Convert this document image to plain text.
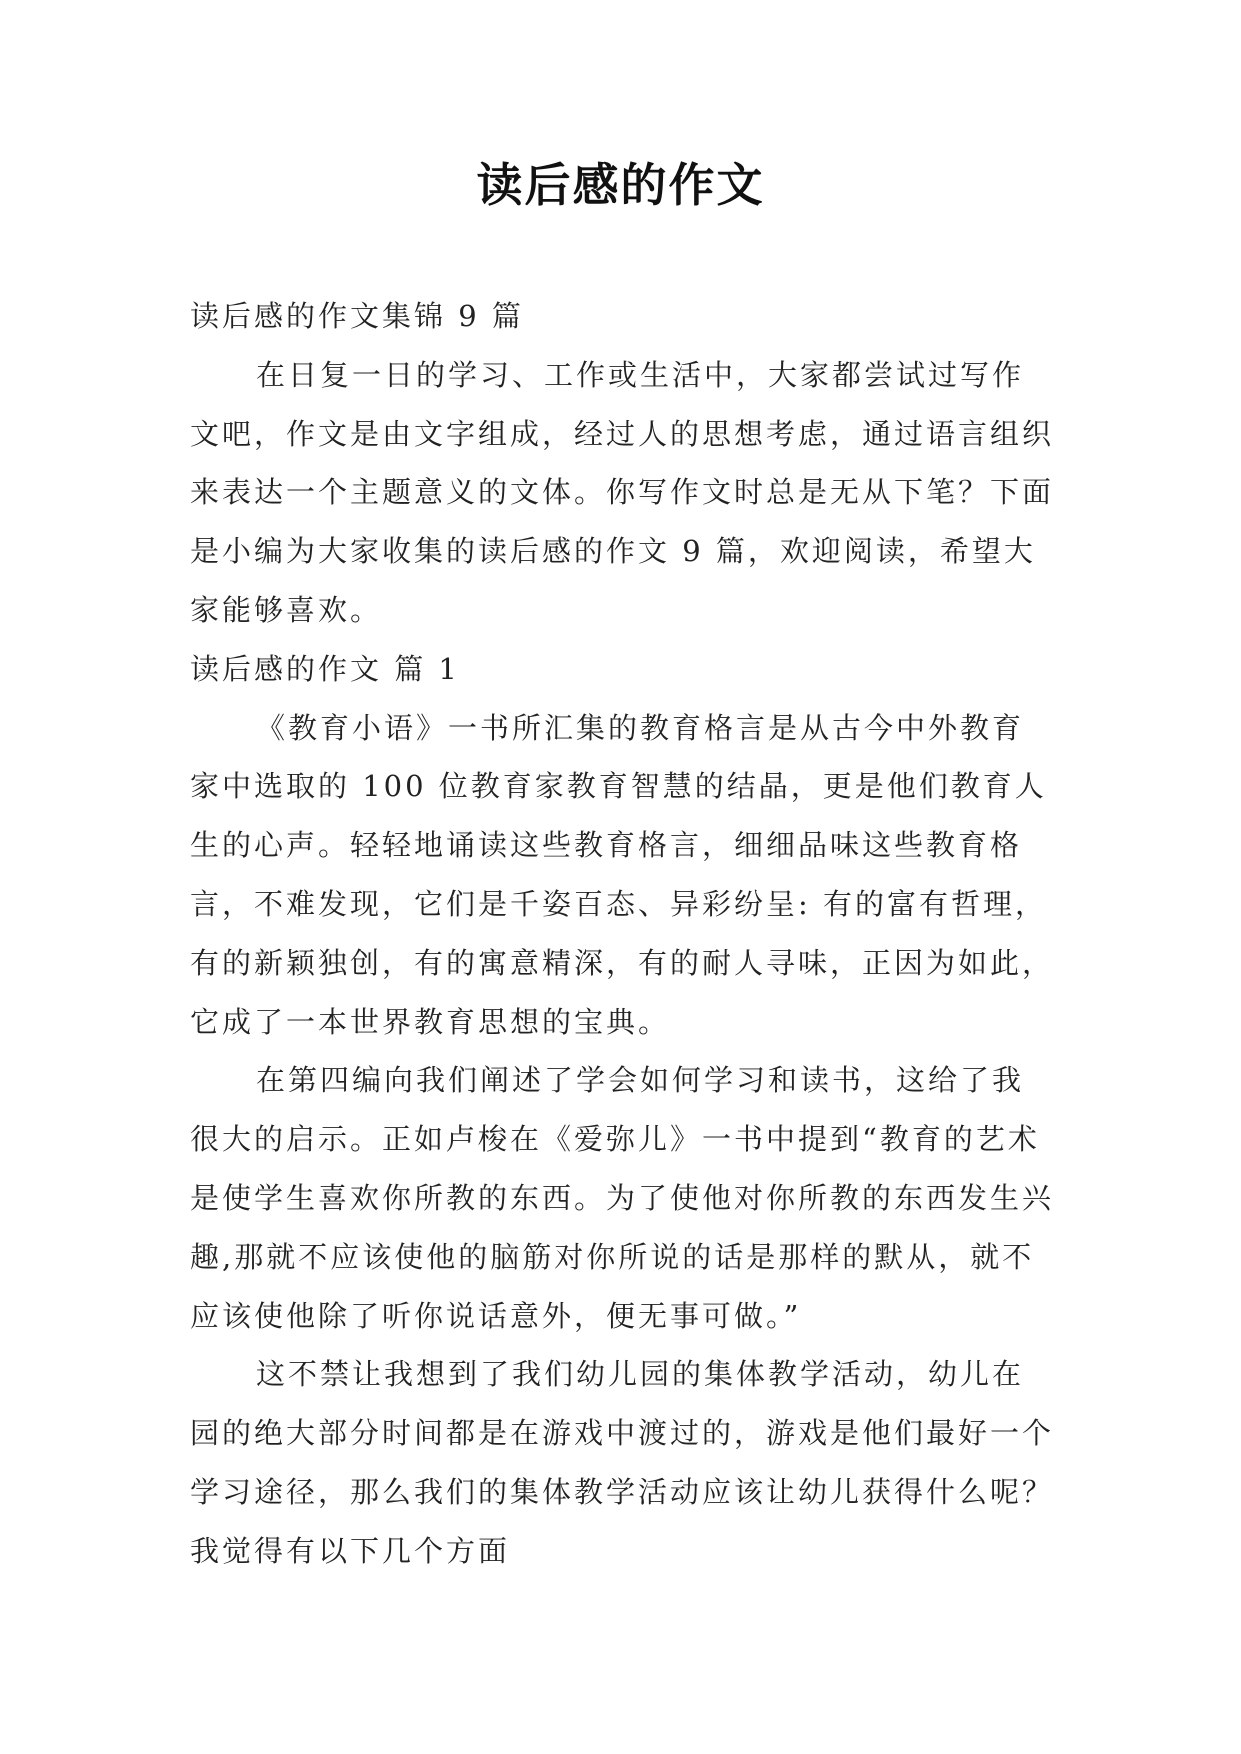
读后感的作文

读后感的作文集锦 9 篇

在日复一日的学习、工作或生活中，大家都尝试过写作文吧，作文是由文字组成，经过人的思想考虑，通过语言组织来表达一个主题意义的文体。你写作文时总是无从下笔？下面是小编为大家收集的读后感的作文 9 篇，欢迎阅读，希望大家能够喜欢。

读后感的作文 篇 1

《教育小语》一书所汇集的教育格言是从古今中外教育家中选取的 100 位教育家教育智慧的结晶，更是他们教育人生的心声。轻轻地诵读这些教育格言，细细品味这些教育格言，不难发现，它们是千姿百态、异彩纷呈: 有的富有哲理，有的新颖独创，有的寓意精深，有的耐人寻味，正因为如此，它成了一本世界教育思想的宝典。

在第四编向我们阐述了学会如何学习和读书，这给了我很大的启示。正如卢梭在《爱弥儿》一书中提到“教育的艺术是使学生喜欢你所教的东西。为了使他对你所教的东西发生兴趣,那就不应该使他的脑筋对你所说的话是那样的默从，就不应该使他除了听你说话意外，便无事可做。”

这不禁让我想到了我们幼儿园的集体教学活动，幼儿在园的绝大部分时间都是在游戏中渡过的，游戏是他们最好一个学习途径，那么我们的集体教学活动应该让幼儿获得什么呢？我觉得有以下几个方面
